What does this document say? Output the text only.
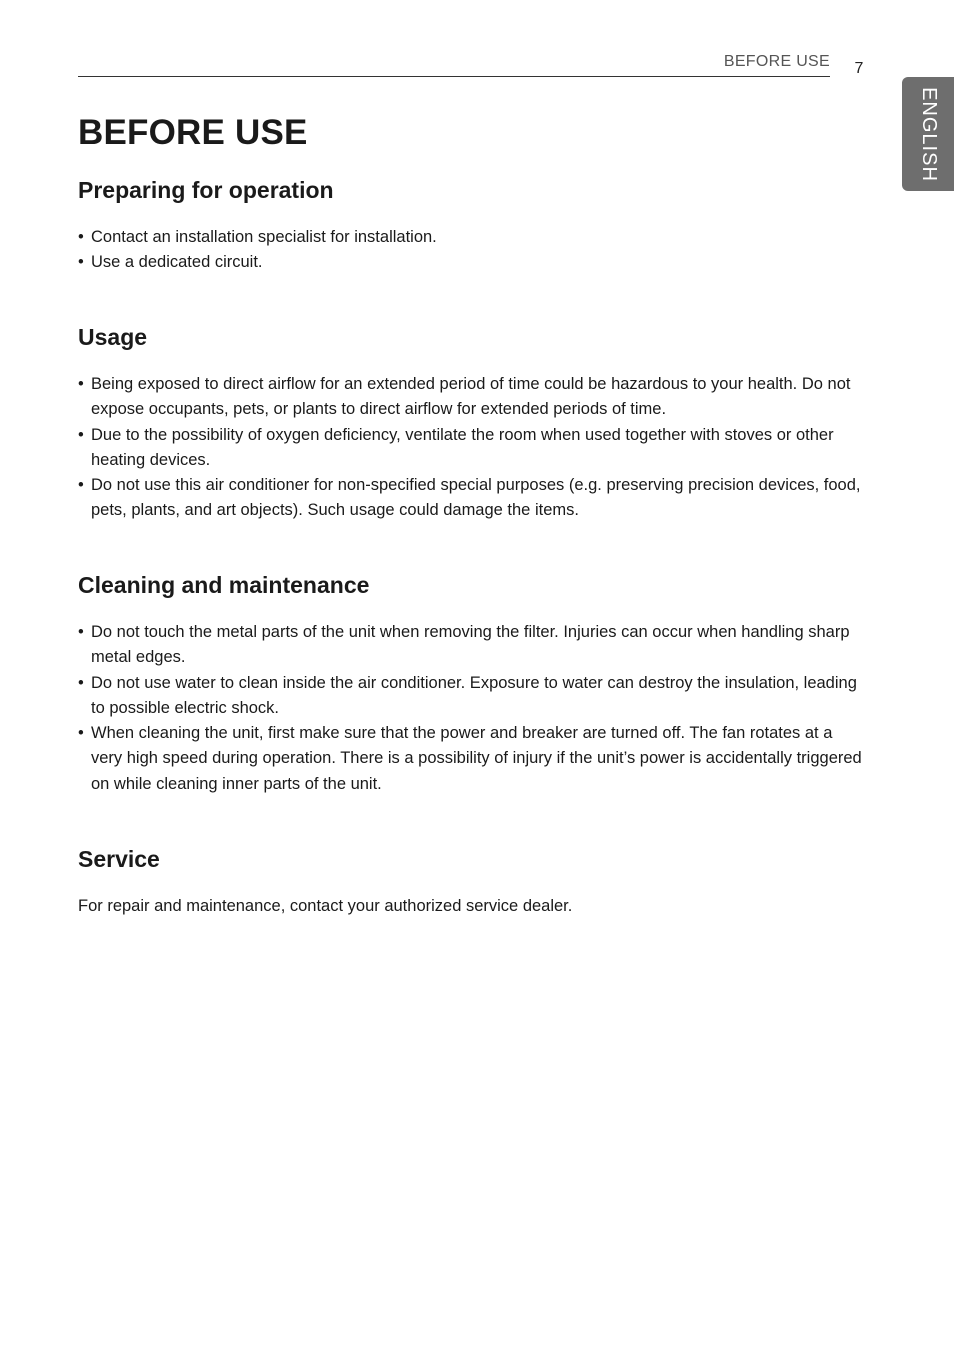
BEFORE USE	7
ENGLISH
BEFORE USE
Preparing for operation
• Contact an installation specialist for installation.
• Use a dedicated circuit.
Usage
• Being exposed to direct airflow for an extended period of time could be hazardous to your health. Do not expose occupants, pets, or plants to direct airflow for extended periods of time.
• Due to the possibility of oxygen deficiency, ventilate the room when used together with stoves or other heating devices.
• Do not use this air conditioner for non-specified special purposes (e.g. preserving precision devices, food, pets, plants, and art objects). Such usage could damage the items.
Cleaning and maintenance
• Do not touch the metal parts of the unit when removing the filter. Injuries can occur when handling sharp metal edges.
• Do not use water to clean inside the air conditioner. Exposure to water can destroy the insulation, leading to possible electric shock.
• When cleaning the unit, first make sure that the power and breaker are turned off. The fan rotates at a very high speed during operation. There is a possibility of injury if the unit’s power is accidentally triggered on while cleaning inner parts of the unit.
Service

For repair and maintenance, contact your authorized service dealer.
